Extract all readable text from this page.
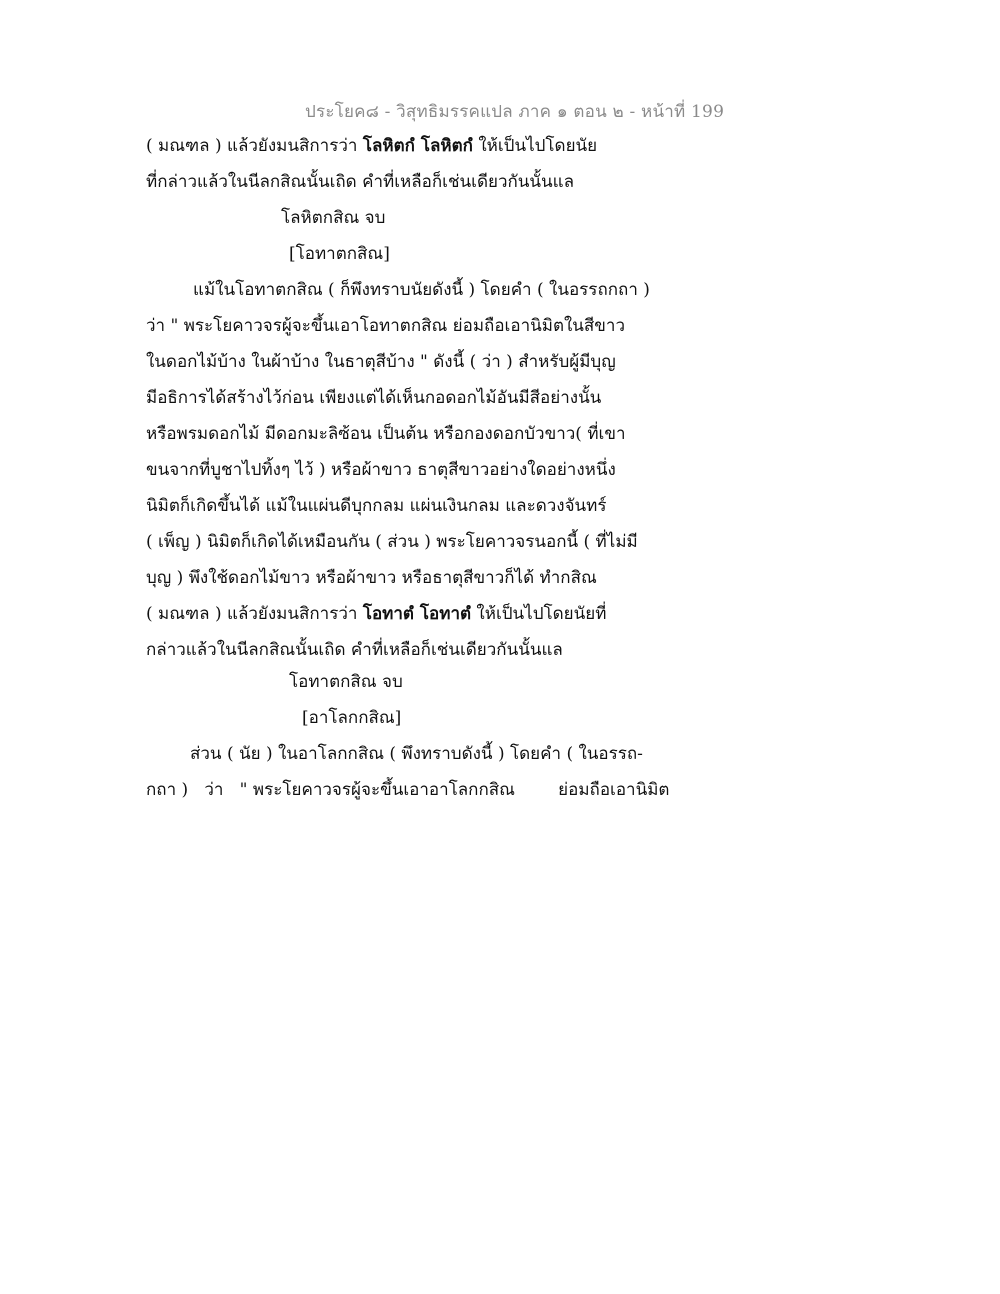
ประโยค๘ - วิสุทธิมรรคแปล ภาค ๑ ตอน ๒ - หน้าที่ 199
( มณฑล ) แล้วยังมนสิการว่า โลหิตกํ โลหิตกํ ให้เป็นไปโดยนัย
ที่กล่าวแล้วในนีลกสิณนั้นเถิด คำที่เหลือก็เช่นเดียวกันนั้นแล
โลหิตกสิณ จบ
[โอทาตกสิณ]
แม้ในโอทาตกสิณ ( ก็พึงทราบนัยดังนี้ ) โดยคำ ( ในอรรถกถา )
ว่า " พระโยคาวจรผู้จะขึ้นเอาโอทาตกสิณ ย่อมถือเอานิมิตในสีขาว
ในดอกไม้บ้าง ในผ้าบ้าง ในธาตุสีบ้าง " ดังนี้ ( ว่า ) สำหรับผู้มีบุญ
มีอธิการได้สร้างไว้ก่อน เพียงแต่ได้เห็นกอดอกไม้อันมีสีอย่างนั้น
หรือพรมดอกไม้ มีดอกมะลิซ้อน เป็นต้น หรือกองดอกบัวขาว( ที่เขา
ขนจากที่บูชาไปทิ้งๆ ไว้ ) หรือผ้าขาว ธาตุสีขาวอย่างใดอย่างหนึ่ง
นิมิตก็เกิดขึ้นได้ แม้ในแผ่นดีบุกกลม แผ่นเงินกลม และดวงจันทร์
( เพ็ญ ) นิมิตก็เกิดได้เหมือนกัน ( ส่วน ) พระโยคาวจรนอกนี้ ( ที่ไม่มี
บุญ ) พึงใช้ดอกไม้ขาว หรือผ้าขาว หรือธาตุสีขาวก็ได้ ทำกสิณ
( มณฑล ) แล้วยังมนสิการว่า โอทาตํ โอทาตํ ให้เป็นไปโดยนัยที่
กล่าวแล้วในนีลกสิณนั้นเถิด คำที่เหลือก็เช่นเดียวกันนั้นแล
โอทาตกสิณ จบ
[อาโลกกสิณ]
ส่วน ( นัย ) ในอาโลกกสิณ ( พึงทราบดังนี้ ) โดยคำ ( ในอรรถ-
กถา )   ว่า   " พระโยคาวจรผู้จะขึ้นเอาอาโลกกสิณ        ย่อมถือเอานิมิต
